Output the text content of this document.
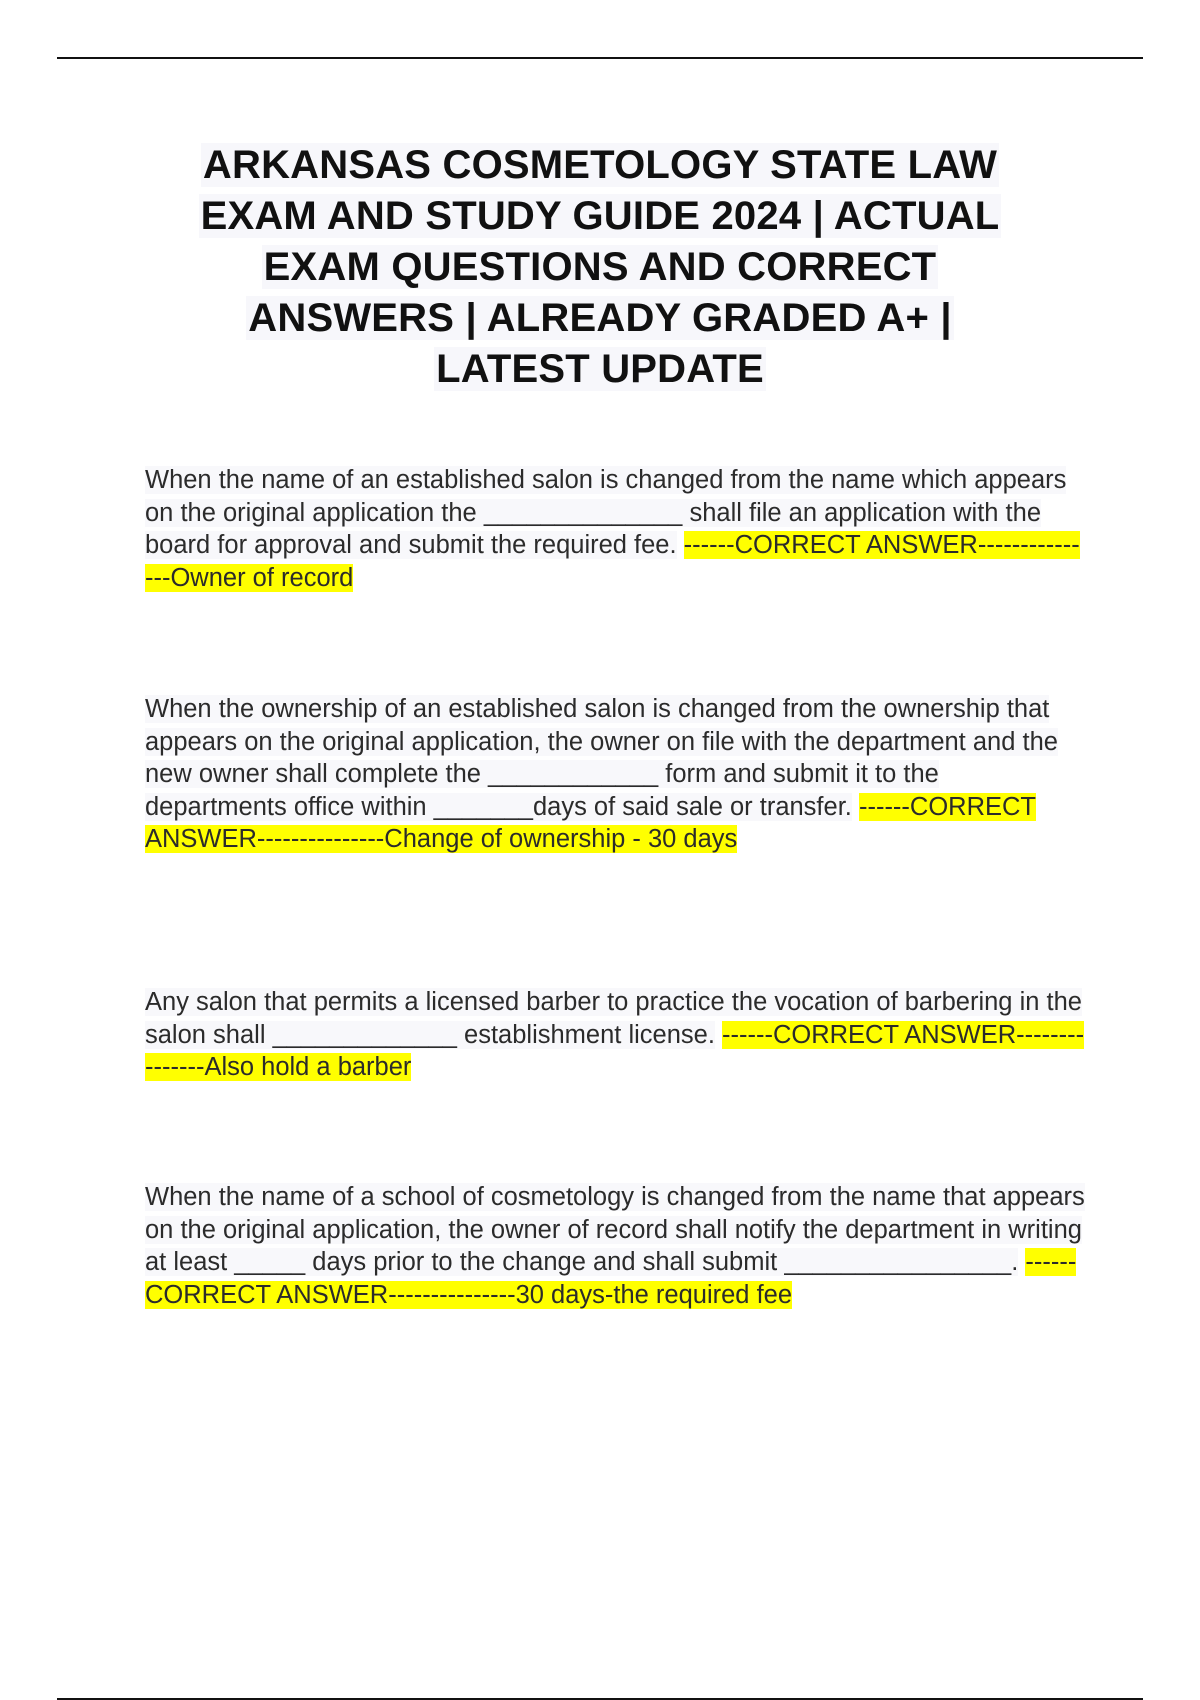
ARKANSAS COSMETOLOGY STATE LAW
EXAM AND STUDY GUIDE 2024 | ACTUAL
EXAM QUESTIONS AND CORRECT
ANSWERS | ALREADY GRADED A+ |
LATEST UPDATE

When the name of an established salon is changed from the name which appears on the original application the ______________ shall file an application with the board for approval and submit the required fee. ------CORRECT ANSWER---------------Owner of record

When the ownership of an established salon is changed from the ownership that appears on the original application, the owner on file with the department and the new owner shall complete the ____________ form and submit it to the departments office within _______days of said sale or transfer. ------CORRECT ANSWER---------------Change of ownership - 30 days

Any salon that permits a licensed barber to practice the vocation of barbering in the salon shall _____________ establishment license. ------CORRECT ANSWER---------------Also hold a barber

When the name of a school of cosmetology is changed from the name that appears on the original application, the owner of record shall notify the department in writing at least _____ days prior to the change and shall submit ________________. ------CORRECT ANSWER---------------30 days-the required fee
